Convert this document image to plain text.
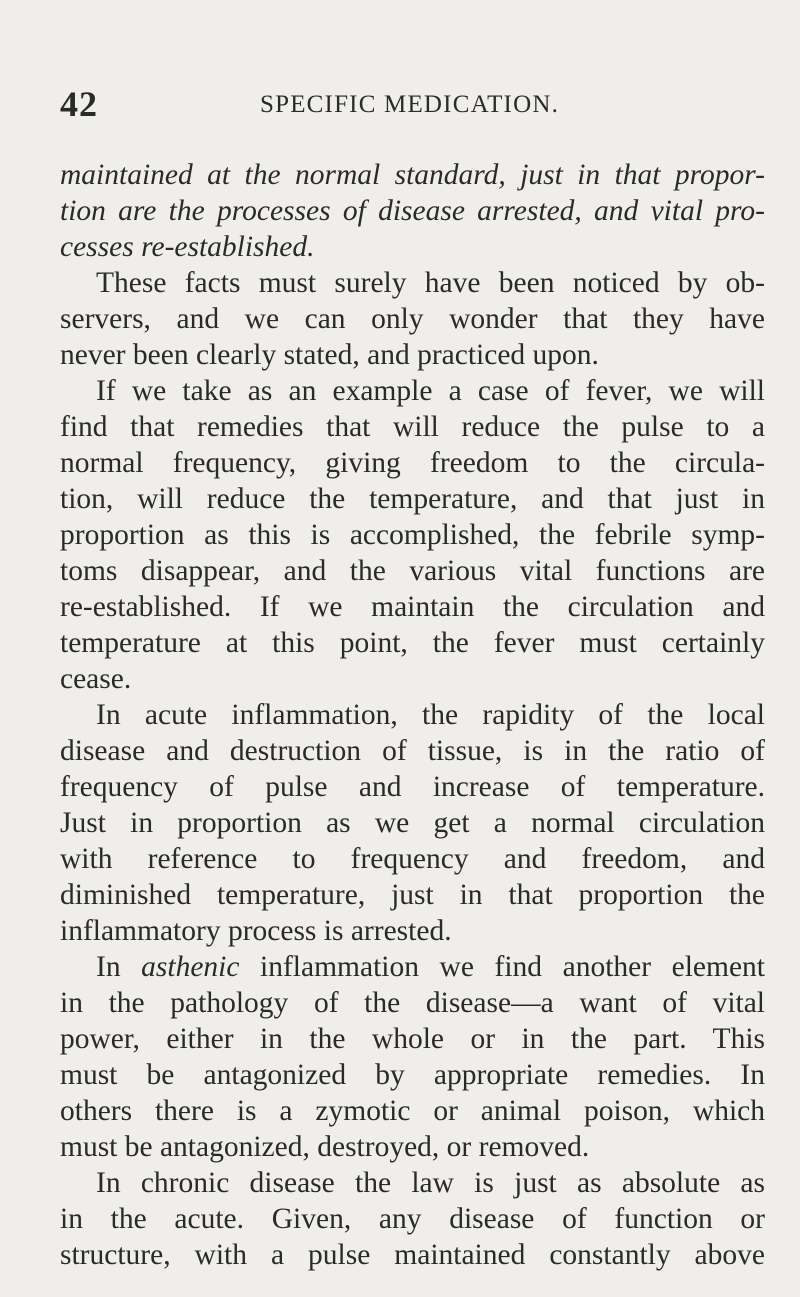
42	SPECIFIC MEDICATION.
maintained at the normal standard, just in that propor-
tion are the processes of disease arrested, and vital pro-
cesses re-established.
These facts must surely have been noticed by ob-
servers, and we can only wonder that they have
never been clearly stated, and practiced upon.
If we take as an example a case of fever, we will
find that remedies that will reduce the pulse to a
normal frequency, giving freedom to the circula-
tion, will reduce the temperature, and that just in
proportion as this is accomplished, the febrile symp-
toms disappear, and the various vital functions are
re-established. If we maintain the circulation and
temperature at this point, the fever must certainly
cease.
In acute inflammation, the rapidity of the local
disease and destruction of tissue, is in the ratio of
frequency of pulse and increase of temperature.
Just in proportion as we get a normal circulation
with reference to frequency and freedom, and
diminished temperature, just in that proportion the
inflammatory process is arrested.
In asthenic inflammation we find another element
in the pathology of the disease—a want of vital
power, either in the whole or in the part. This
must be antagonized by appropriate remedies. In
others there is a zymotic or animal poison, which
must be antagonized, destroyed, or removed.
In chronic disease the law is just as absolute as
in the acute. Given, any disease of function or
structure, with a pulse maintained constantly above
